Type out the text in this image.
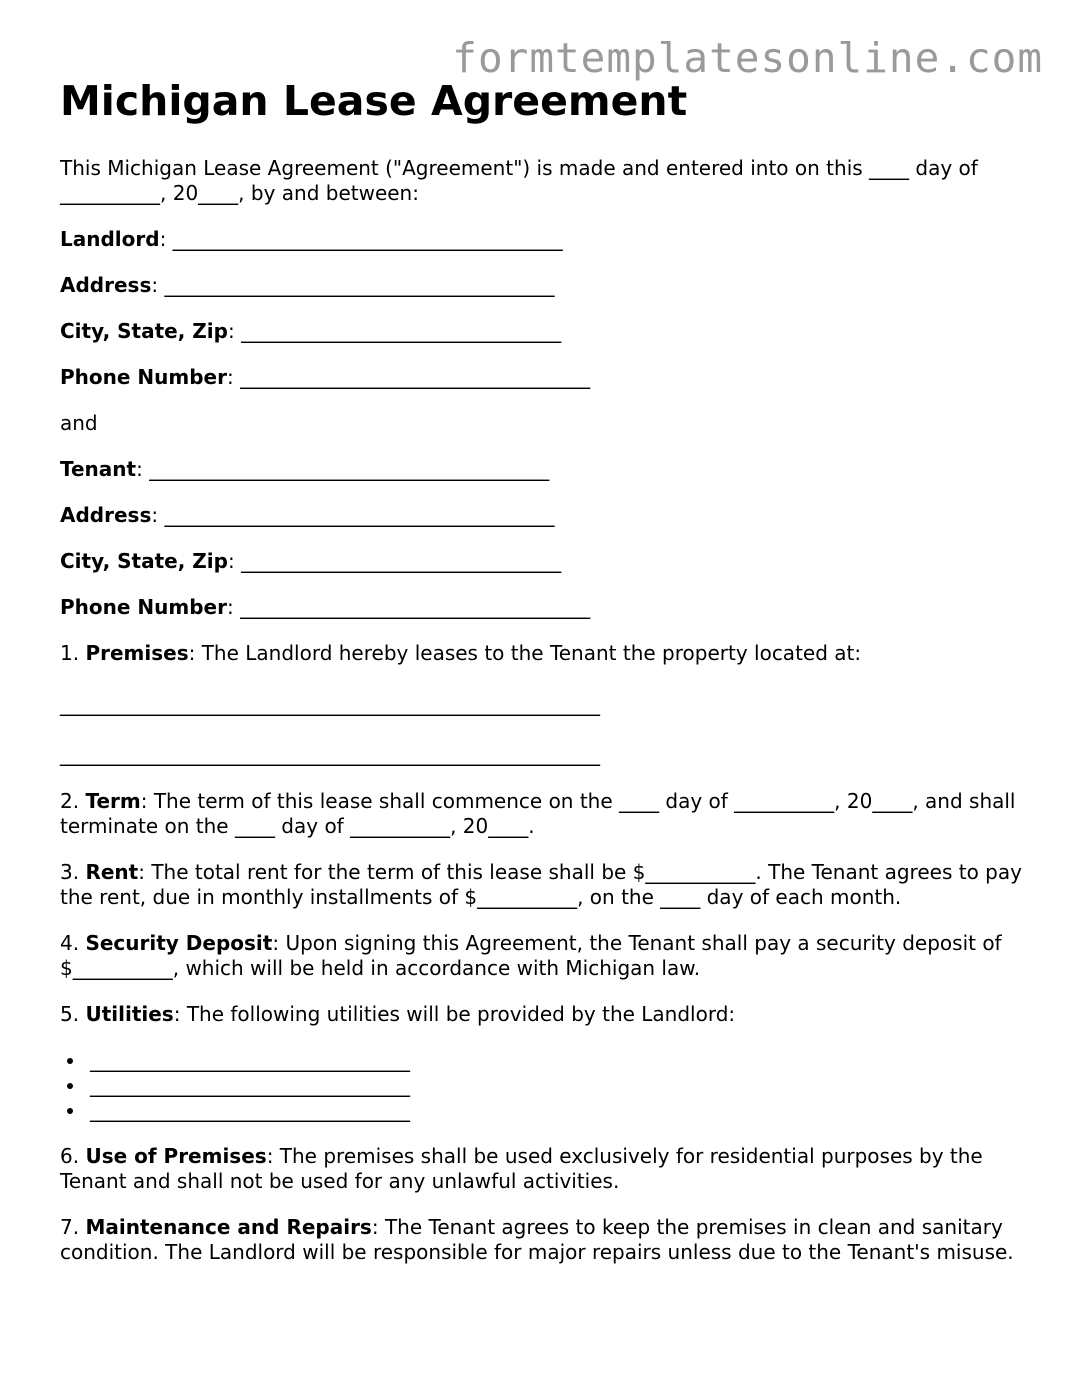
formtemplatesonline.com
Michigan Lease Agreement

This Michigan Lease Agreement ("Agreement") is made and entered into on this ____ day of __________, 20____, by and between:

Landlord: _______________________________________

Address: _______________________________________

City, State, Zip: ________________________________

Phone Number: ___________________________________

and

Tenant: ________________________________________

Address: _______________________________________

City, State, Zip: ________________________________

Phone Number: ___________________________________

1. Premises: The Landlord hereby leases to the Tenant the property located at:

______________________________________________________
______________________________________________________

2. Term: The term of this lease shall commence on the ____ day of __________, 20____, and shall terminate on the ____ day of __________, 20____.

3. Rent: The total rent for the term of this lease shall be $___________. The Tenant agrees to pay the rent, due in monthly installments of $__________, on the ____ day of each month.

4. Security Deposit: Upon signing this Agreement, the Tenant shall pay a security deposit of $__________, which will be held in accordance with Michigan law.

5. Utilities: The following utilities will be provided by the Landlord:

• ________________________________
• ________________________________
• ________________________________

6. Use of Premises: The premises shall be used exclusively for residential purposes by the Tenant and shall not be used for any unlawful activities.

7. Maintenance and Repairs: The Tenant agrees to keep the premises in clean and sanitary condition. The Landlord will be responsible for major repairs unless due to the Tenant's misuse.
